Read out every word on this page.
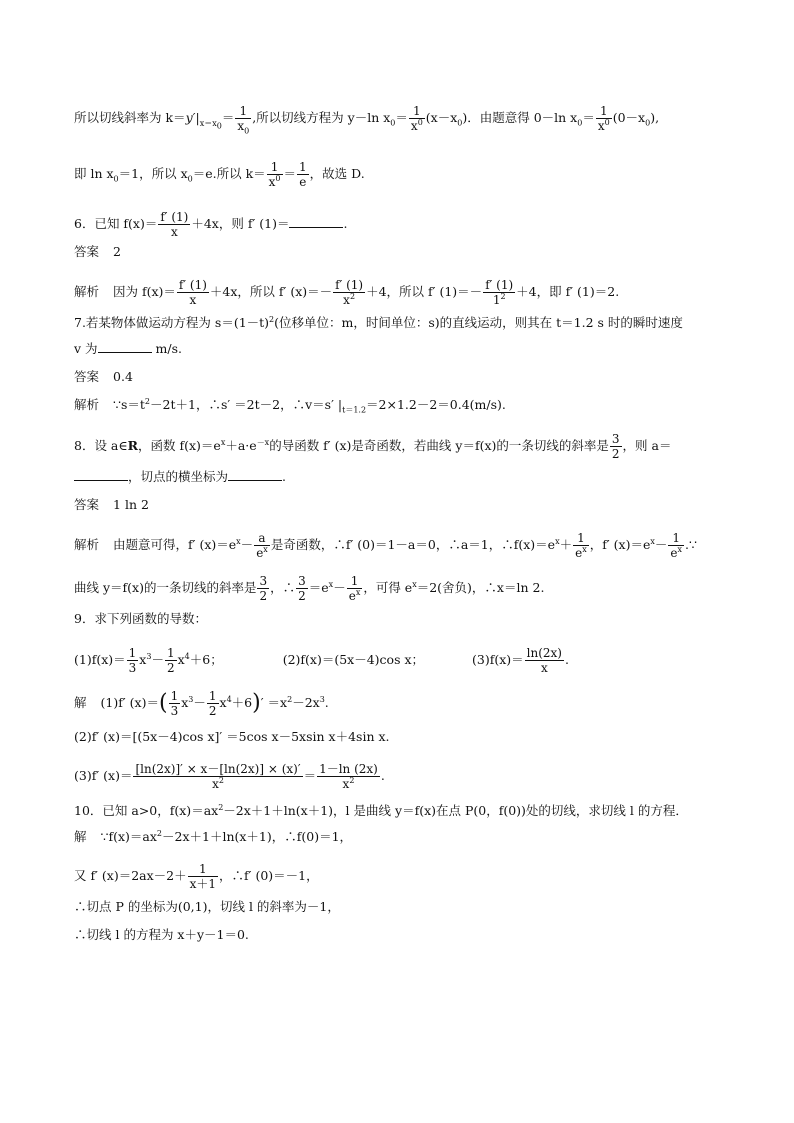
所以切线斜率为 $k=y'|_{x=x_0}= \frac{1}{x_0}$ ,所以切线方程为 y－ln $x_0= \frac{1}{x^0} (x-x_0)$．由题意得 0－ln $x_0= \frac{1}{x^0} (0-x_0)$,
即 $\ln x_0=1$，所以 $x_0=e$.所以 $k= \frac{1}{x^0} = \frac{1}{e}$ ，故选 D.
6．已知 $f(x)= \frac{f' (1)}{x} +4x$，则 f′ (1)＝	.
答案 2
解析 因为 $f(x)= \frac{f' (1)}{x} +4x$，所以 f′ $(x)=- \frac{f' (1)}{x^2} +4$，所以 f′ $(1)=- \frac{f' (1)}{1^2} +4$，即 f′ (1)＝2.
7.若某物体做运动方程为 $s=(1-t)^2$(位移单位：m，时间单位：s)的直线运动，则其在 t＝1.2 s 时的瞬时速度
v 为	m/s.
答案 0.4
解析 $\because s=t^2-2t+1$，∴s′ ＝2t－2，∴v＝s′ $|_{t=1.2}=2\times 1.2-2=0.4(m/s)$.
8．设 a∈R，函数 $f(x)=e^x+a\cdot e^{-x}$的导函数 f′ (x)是奇函数，若曲线 y＝f(x)的一条切线的斜率是 $\frac{3}{2}$ ，则 a＝
，切点的横坐标为	.
答案 1 ln 2
解析 由题意可得，f′ $(x)=e^x- \frac{a}{e^x}$ 是奇函数，∴f′ (0)＝1－a＝0，∴a＝1，$\therefore f(x)=e^x+ \frac{1}{e^x}$ ，f′ $(x)=e^x- \frac{1}{e^x}$ .∵
曲线 y＝f(x)的一条切线的斜率是 $\frac{3}{2}$ ，∴ $\frac{3}{2} =e^x- \frac{1}{e^x}$ ，可得 $e^x=2$(舍负)，∴x＝ln 2.
9．求下列函数的导数：
$(1)f(x)= \frac{1}{3} x^3- \frac{1}{2} x^4+6$；	(2)f(x)＝(5x－4)cos x；	$(3)f(x)= \frac{\ln(2x)}{x}$ .
解 (1)f′ $(x)=( \frac{1}{3} x^3- \frac{1}{2} x^4+6)' =x^2-2x^3$.
(2)f′ (x)＝[(5x－4)cos x]′ ＝5cos x－5xsin x＋4sin x.
(3)f′ $(x)= \frac{[\ln(2x)]' \times x-[\ln(2x)] \times (x)'}{x^2} = \frac{1-\ln (2x)}{x^2}$ .
10．已知 a>0，$f(x)=ax^2-2x+1+\ln(x+1)$，l 是曲线 y＝f(x)在点 P(0，f(0))处的切线，求切线 l 的方程．
解 $\because f(x)=ax^2-2x+1+\ln(x+1)$，∴f(0)＝1，
又 f′ $(x)=2ax-2+ \frac{1}{x+1}$ ，∴f′ (0)＝－1，
∴切点 P 的坐标为(0,1)，切线 l 的斜率为－1，
∴切线 l 的方程为 x＋y－1＝0.
